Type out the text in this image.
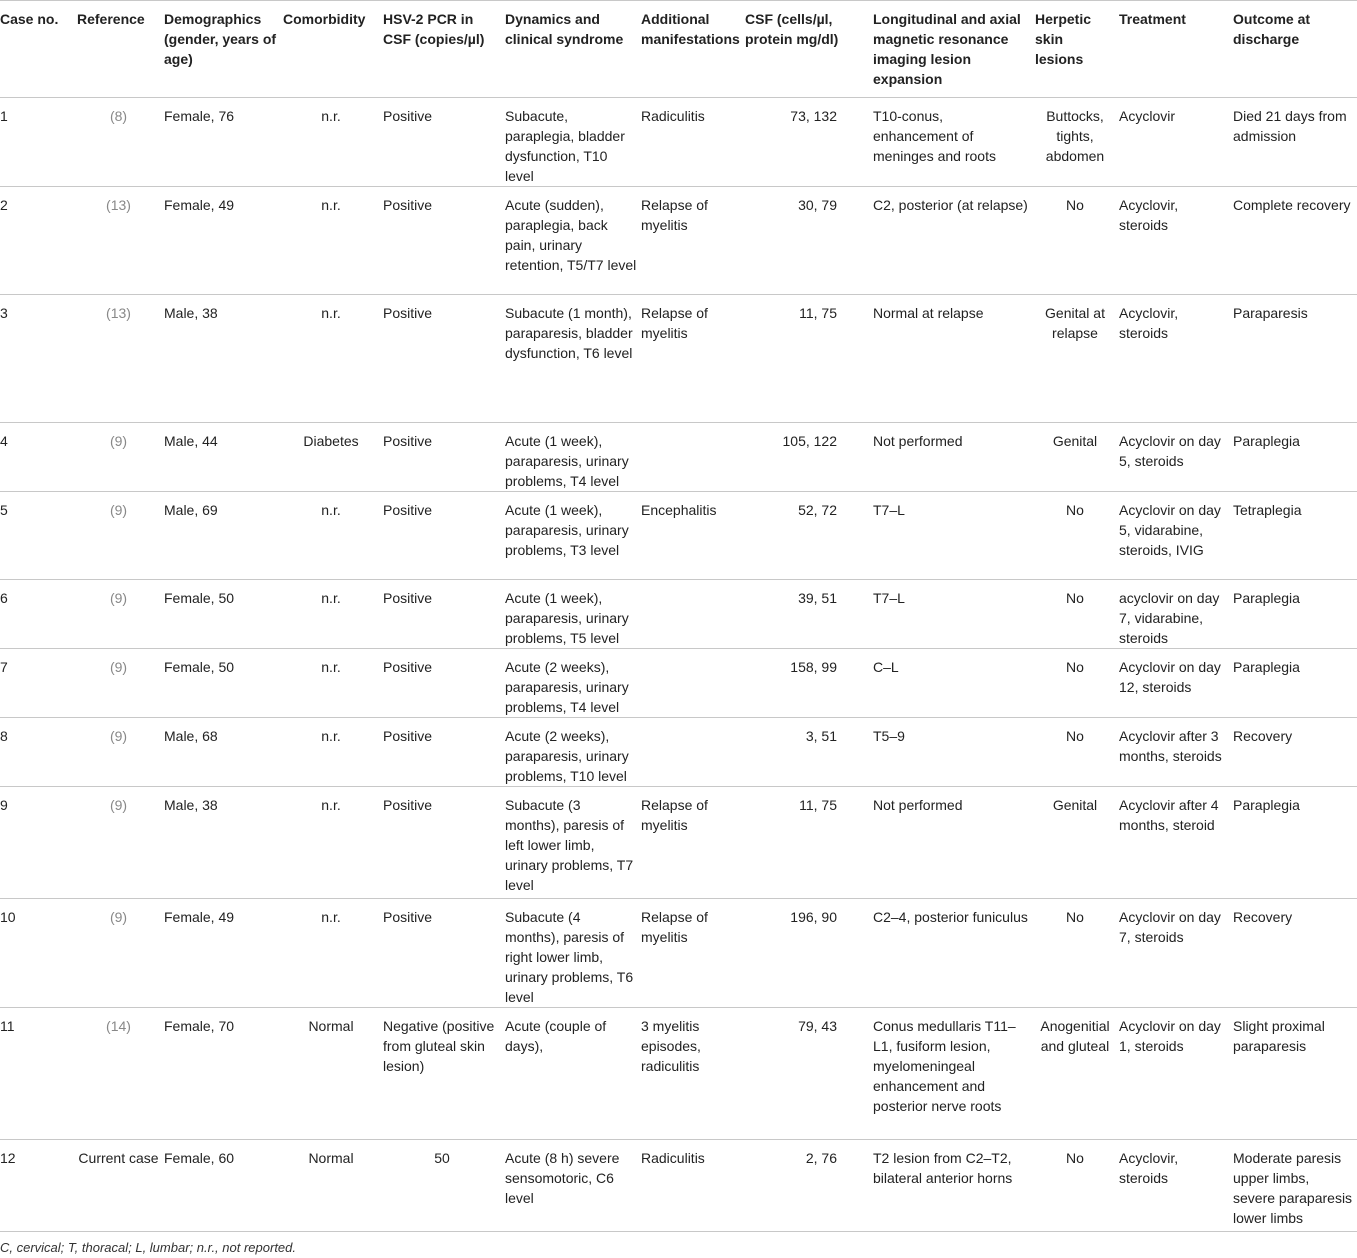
Case no.	Reference	Demographics (gender, years of age)	Comorbidity	HSV-2 PCR in CSF (copies/µl)	Dynamics and clinical syndrome	Additional manifestations	CSF (cells/µl, protein mg/dl)	Longitudinal and axial magnetic resonance imaging lesion expansion	Herpetic skin lesions	Treatment	Outcome at discharge
1	(8)	Female, 76	n.r.	Positive	Subacute, paraplegia, bladder dysfunction, T10 level	Radiculitis	73, 132	T10-conus, enhancement of meninges and roots	Buttocks, tights, abdomen	Acyclovir	Died 21 days from admission
2	(13)	Female, 49	n.r.	Positive	Acute (sudden), paraplegia, back pain, urinary retention, T5/T7 level	Relapse of myelitis	30, 79	C2, posterior (at relapse)	No	Acyclovir, steroids	Complete recovery
3	(13)	Male, 38	n.r.	Positive	Subacute (1 month), paraparesis, bladder dysfunction, T6 level	Relapse of myelitis	11, 75	Normal at relapse	Genital at relapse	Acyclovir, steroids	Paraparesis
4	(9)	Male, 44	Diabetes	Positive	Acute (1 week), paraparesis, urinary problems, T4 level		105, 122	Not performed	Genital	Acyclovir on day 5, steroids	Paraplegia
5	(9)	Male, 69	n.r.	Positive	Acute (1 week), paraparesis, urinary problems, T3 level	Encephalitis	52, 72	T7–L	No	Acyclovir on day 5, vidarabine, steroids, IVIG	Tetraplegia
6	(9)	Female, 50	n.r.	Positive	Acute (1 week), paraparesis, urinary problems, T5 level		39, 51	T7–L	No	acyclovir on day 7, vidarabine, steroids	Paraplegia
7	(9)	Female, 50	n.r.	Positive	Acute (2 weeks), paraparesis, urinary problems, T4 level		158, 99	C–L	No	Acyclovir on day 12, steroids	Paraplegia
8	(9)	Male, 68	n.r.	Positive	Acute (2 weeks), paraparesis, urinary problems, T10 level		3, 51	T5–9	No	Acyclovir after 3 months, steroids	Recovery
9	(9)	Male, 38	n.r.	Positive	Subacute (3 months), paresis of left lower limb, urinary problems, T7 level	Relapse of myelitis	11, 75	Not performed	Genital	Acyclovir after 4 months, steroid	Paraplegia
10	(9)	Female, 49	n.r.	Positive	Subacute (4 months), paresis of right lower limb, urinary problems, T6 level	Relapse of myelitis	196, 90	C2–4, posterior funiculus	No	Acyclovir on day 7, steroids	Recovery
11	(14)	Female, 70	Normal	Negative (positive from gluteal skin lesion)	Acute (couple of days),	3 myelitis episodes, radiculitis	79, 43	Conus medullaris T11–L1, fusiform lesion, myelomeningeal enhancement and posterior nerve roots	Anogenitial and gluteal	Acyclovir on day 1, steroids	Slight proximal paraparesis
12	Current case	Female, 60	Normal	50	Acute (8 h) severe sensomotoric, C6 level	Radiculitis	2, 76	T2 lesion from C2–T2, bilateral anterior horns	No	Acyclovir, steroids	Moderate paresis upper limbs, severe paraparesis lower limbs
C, cervical; T, thoracal; L, lumbar; n.r., not reported.
